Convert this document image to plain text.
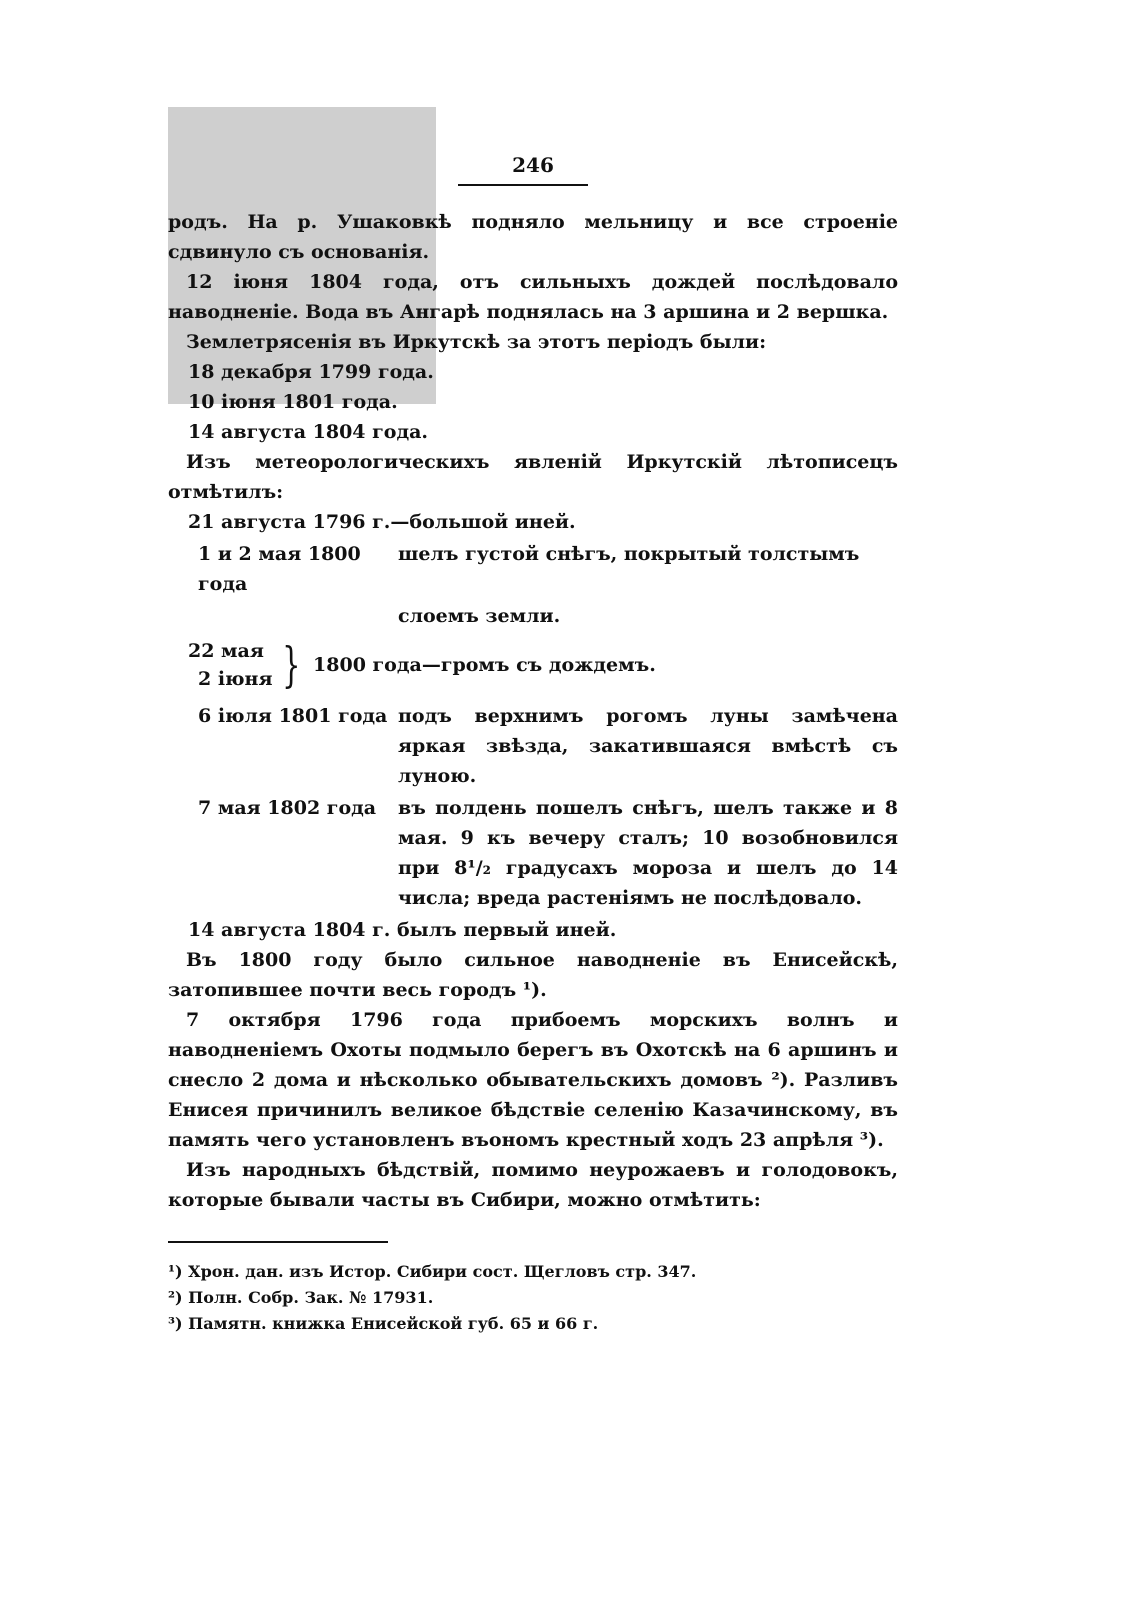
246

родъ. На р. Ушаковкѣ подняло мельницу и все строеніе сдвинуло съ основанія.

12 іюня 1804 года, отъ сильныхъ дождей послѣдовало наводненіе. Вода въ Ангарѣ поднялась на 3 аршина и 2 вершка.

Землетрясенія въ Иркутскѣ за этотъ періодъ были:

18 декабря 1799 года.

10 іюня 1801 года.

14 августа 1804 года.

Изъ метеорологическихъ явленій Иркутскій лѣтописецъ отмѣтилъ:

21 августа 1796 г.—большой иней.

1 и 2 мая 1800 года
шелъ густой снѣгъ, покрытый толстымъ

слоемъ земли.

22 мая
2 іюня } 1800 года—громъ съ дождемъ.
6 іюля 1801 года подъ верхнимъ рогомъ луны замѣчена яркая звѣзда, закатившаяся вмѣстѣ съ луною.
7 мая 1802 года	въ полдень пошелъ снѣгъ, шелъ также и 8 мая. 9 къ вечеру сталъ; 10 возобновился при 8¹/₂ градусахъ мороза и шелъ до 14 числа; вреда растеніямъ не послѣдовало.

14 августа 1804 г. былъ первый иней.

Въ 1800 году было сильное наводненіе въ Енисейскѣ, затопившее почти весь городъ ¹).

7 октября 1796 года прибоемъ морскихъ волнъ и наводненіемъ Охоты подмыло берегъ въ Охотскѣ на 6 аршинъ и снесло 2 дома и нѣсколько обывательскихъ домовъ ²). Разливъ Енисея причинилъ великое бѣдствіе селенію Казачинскому, въ память чего установленъ въономъ крестный ходъ 23 апрѣля ³).

Изъ народныхъ бѣдствій, помимо неурожаевъ и голодовокъ, которые бывали часты въ Сибири, можно отмѣтить:

¹) Хрон. дан. изъ Истор. Сибири сост. Щегловъ стр. 347.
²) Полн. Собр. Зак. № 17931.
³) Памятн. книжка Енисейской губ. 65 и 66 г.
